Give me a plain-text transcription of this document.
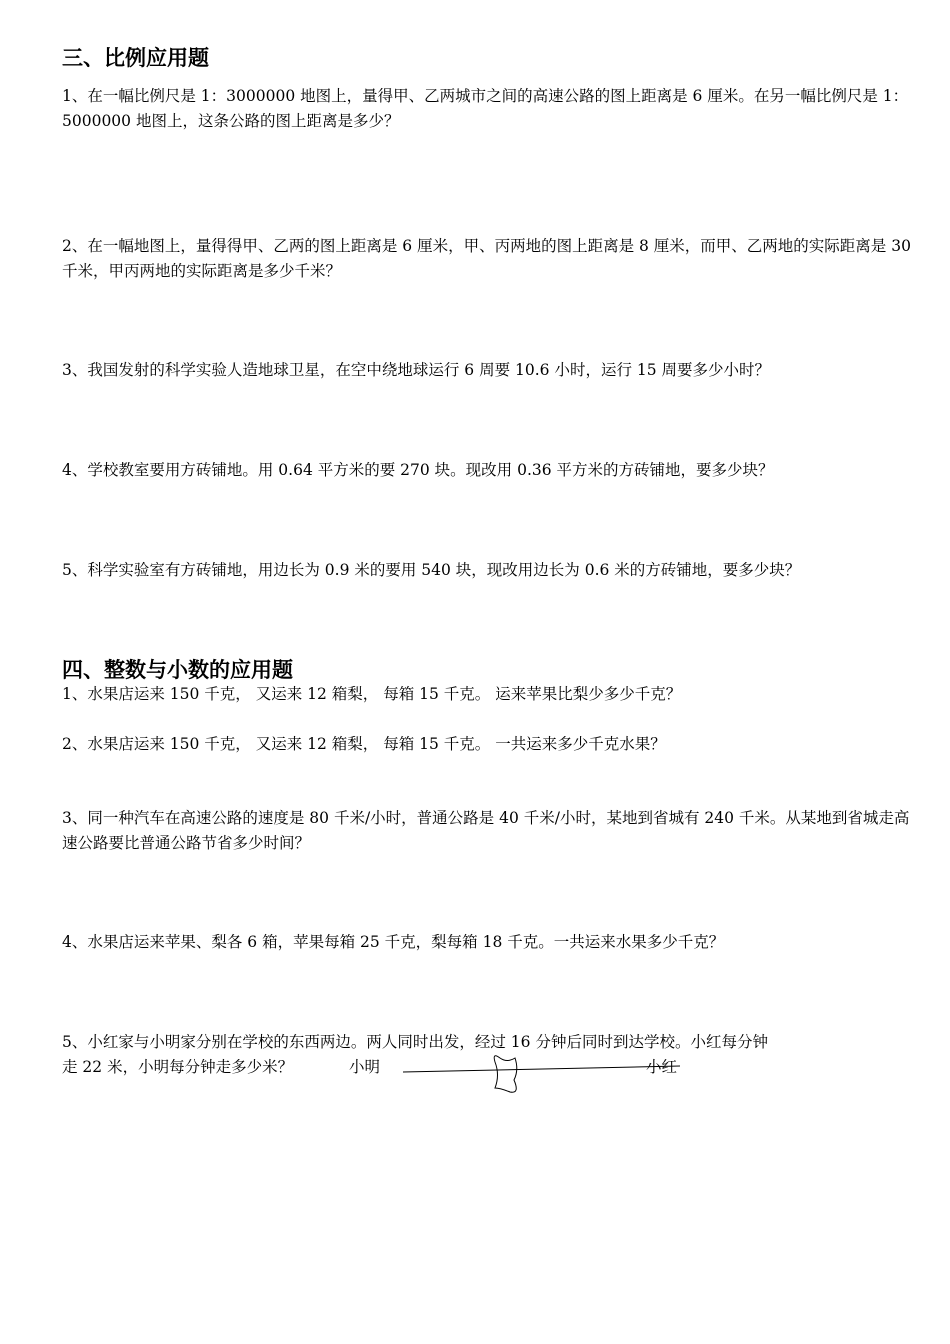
三、比例应用题
1、在一幅比例尺是 1：3000000 地图上，量得甲、乙两城市之间的高速公路的图上距离是 6 厘米。在另一幅比例尺是 1：5000000 地图上，这条公路的图上距离是多少？
2、在一幅地图上，量得得甲、乙两的图上距离是 6 厘米，甲、丙两地的图上距离是 8 厘米，而甲、乙两地的实际距离是 30 千米，甲丙两地的实际距离是多少千米？
3、我国发射的科学实验人造地球卫星，在空中绕地球运行 6 周要 10.6 小时，运行 15 周要多少小时？
4、学校教室要用方砖铺地。用 0.64 平方米的要 270 块。现改用 0.36 平方米的方砖铺地，要多少块？
5、科学实验室有方砖铺地，用边长为 0.9 米的要用 540 块，现改用边长为 0.6 米的方砖铺地，要多少块？
四、整数与小数的应用题
1、水果店运来 150 千克， 又运来 12 箱梨， 每箱 15 千克。 运来苹果比梨少多少千克？
2、水果店运来 150 千克， 又运来 12 箱梨， 每箱 15 千克。 一共运来多少千克水果？
3、同一种汽车在高速公路的速度是 80 千米/小时，普通公路是 40 千米/小时，某地到省城有 240 千米。从某地到省城走高速公路要比普通公路节省多少时间？
4、水果店运来苹果、梨各 6 箱，苹果每箱 25 千克，梨每箱 18 千克。一共运来水果多少千克？
5、小红家与小明家分别在学校的东西两边。两人同时出发，经过 16 分钟后同时到达学校。小红每分钟
走 22 米，小明每分钟走多少米？	小明	小红
